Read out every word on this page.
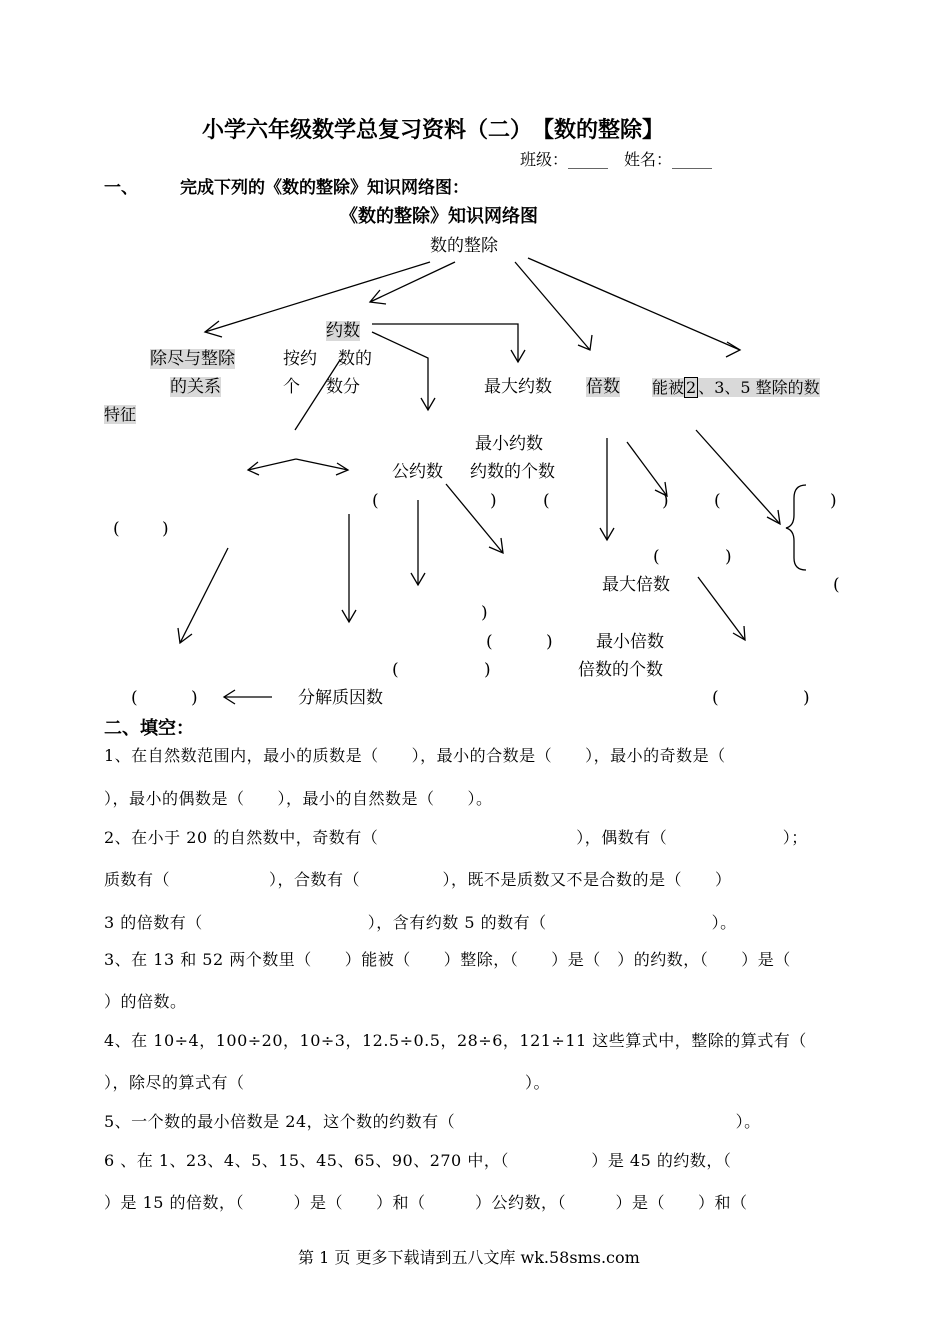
小学六年级数学总复习资料（二）　【数的整除】
班级：_____　 姓名：_____
一、 完成下列的《数的整除》知识网络图：
《数的整除》知识网络图
数的整除
除尽与整除
的关系
约数
按约
个
数的
数分	最大约数 倍数 能被 2 、3、5 整除的数
特征
最小约数
公约数 约数的个数
最大倍数
最小倍数
倍数的个数
分解质因数
( )
(	)	(	)	(	)
(	)
(
)
(	)
(	)
(	)	(	)
二、填空：
1、在自然数范围内，最小的质数是（　　），最小的合数是（　　），最小的奇数是（
），最小的偶数是（　　），最小的自然数是（　　）。
2、在小于 20 的自然数中，奇数有（　　　　　　　　　　　　），偶数有（　　　　　　　）；
质数有（　　　　　　），合数有（　　　　　），既不是质数又不是合数的是（　　）
3 的倍数有（　　　　　　　　　　），含有约数 5 的数有（　　　　　　　　　　）。
3、在 13 和 52 两个数里（　　）能被（　　）整除，（　　）是（　）的约数，（　　）是（
）的倍数。
4、在 10÷4，100÷20，10÷3，12.5÷0.5，28÷6，121÷11 这些算式中，整除的算式有（
），除尽的算式有（　　　　　　　　　　　　　　　　　）。
5、一个数的最小倍数是 24，这个数的约数有（　　　　　　　　　　　　　　　　　）。
6 、在 1、23、4、5、15、45、65、90、270 中，（　　　　　）是 45 的约数，（
）是 15 的倍数，（　　　）是（　　）和（　　　）公约数，（　　　）是（　　）和（
第 1 页 更多下载请到五八文库 wk.58sms.com
